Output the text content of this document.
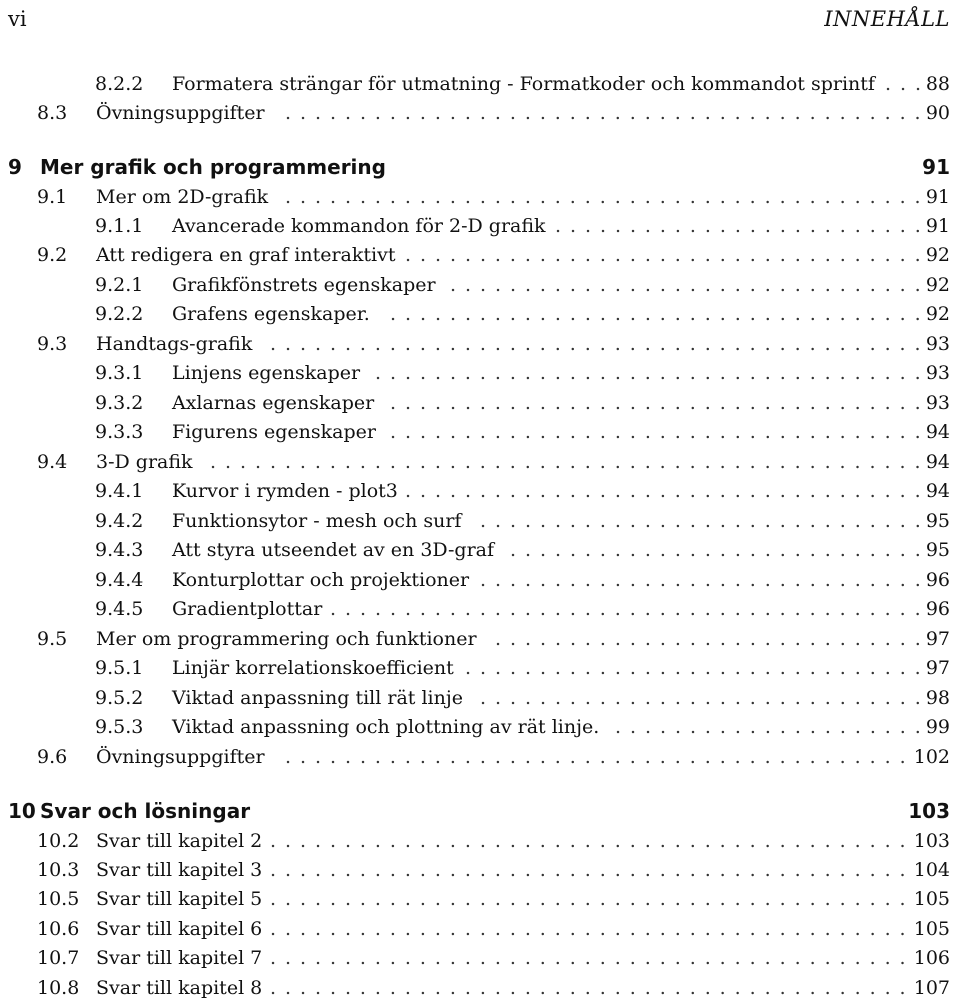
vi	INNEHÅLL
8.2.2 Formatera strängar för utmatning - Formatkoder och kommandot sprintf	88
...
8.3 Övningsuppgifter	90
...........................................
9 Mer grafik och programmering	91
9.1 Mer om 2D-grafik	91
...........................................
9.1.1 Avancerade kommandon för 2-D grafik	91
.........................
9.2 Att redigera en graf interaktivt	92
...................................
9.2.1 Grafikfönstrets egenskaper	92
................................
9.2.2 Grafens egenskaper.	92
....................................
9.3 Handtags-grafik	93
............................................
9.3.1 Linjens egenskaper	93
.....................................
9.3.2 Axlarnas egenskaper	93
....................................
9.3.3 Figurens egenskaper	94
....................................
9.4 3-D grafik	94
................................................
9.4.1 Kurvor i rymden - plot3	94
...................................
9.4.2 Funktionsytor - mesh och surf	95
..............................
9.4.3 Att styra utseendet av en 3D-graf	95
............................
9.4.4 Konturplottar och projektioner	96
..............................
9.4.5 Gradientplottar	96
........................................
9.5 Mer om programmering och funktioner	97
.............................
9.5.1 Linjär korrelationskoefficient	97
...............................
9.5.2 Viktad anpassning till rät linje	98
..............................
9.5.3 Viktad anpassning och plottning av rät linje.	99
.....................
9.6 Övningsuppgifter	102
..........................................
10 Svar och lösningar	103
10.2 Svar till kapitel 2	103
...........................................
10.3 Svar till kapitel 3	104
...........................................
10.5 Svar till kapitel 5	105
...........................................
10.6 Svar till kapitel 6	105
...........................................
10.7 Svar till kapitel 7	106
...........................................
10.8 Svar till kapitel 8	107
...........................................
